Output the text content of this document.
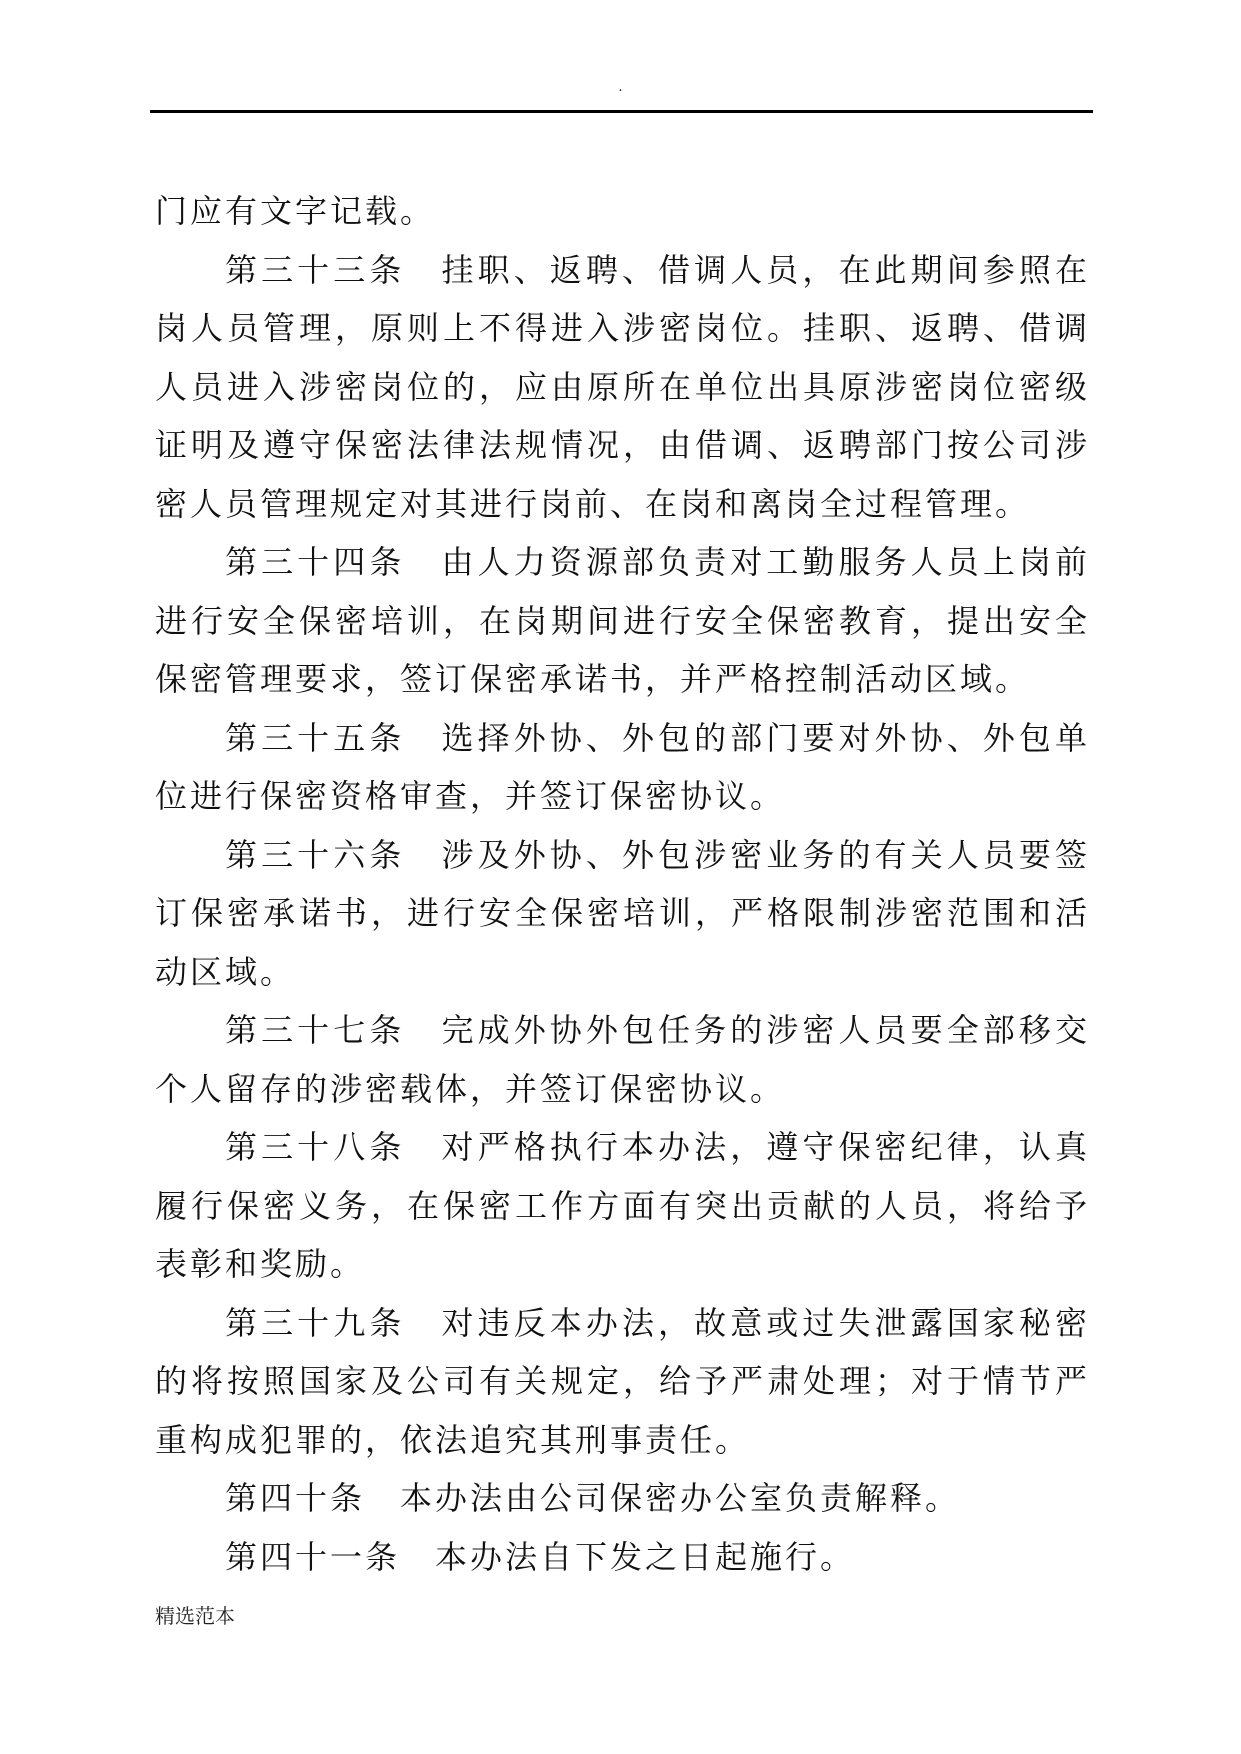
.

门应有文字记载。

第三十三条　挂职、返聘、借调人员，在此期间参照在岗人员管理，原则上不得进入涉密岗位。挂职、返聘、借调人员进入涉密岗位的，应由原所在单位出具原涉密岗位密级证明及遵守保密法律法规情况，由借调、返聘部门按公司涉密人员管理规定对其进行岗前、在岗和离岗全过程管理。

第三十四条　由人力资源部负责对工勤服务人员上岗前进行安全保密培训，在岗期间进行安全保密教育，提出安全保密管理要求，签订保密承诺书，并严格控制活动区域。

第三十五条　选择外协、外包的部门要对外协、外包单位进行保密资格审查，并签订保密协议。

第三十六条　涉及外协、外包涉密业务的有关人员要签订保密承诺书，进行安全保密培训，严格限制涉密范围和活动区域。

第三十七条　完成外协外包任务的涉密人员要全部移交个人留存的涉密载体，并签订保密协议。

第三十八条　对严格执行本办法，遵守保密纪律，认真履行保密义务，在保密工作方面有突出贡献的人员，将给予表彰和奖励。

第三十九条　对违反本办法，故意或过失泄露国家秘密的将按照国家及公司有关规定，给予严肃处理；对于情节严重构成犯罪的，依法追究其刑事责任。

第四十条　本办法由公司保密办公室负责解释。

第四十一条　本办法自下发之日起施行。

精选范本
